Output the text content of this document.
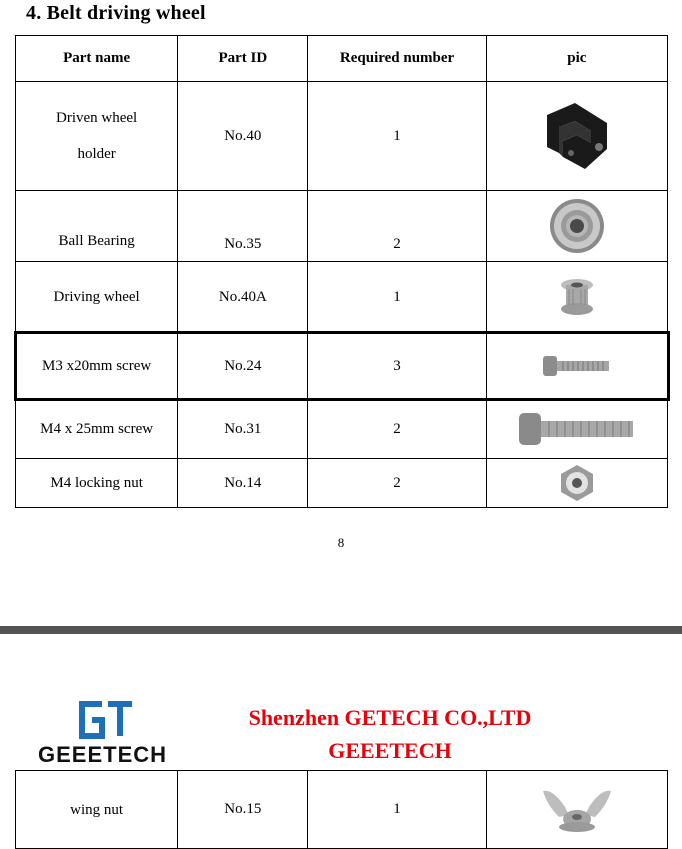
4. Belt driving wheel
Part name	Part ID	Required number	pic
Driven wheel
holder	No.40	1	
Ball Bearing	No.35	2	
Driving wheel	No.40A	1	
M3 x20mm screw	No.24	3	
M4 x 25mm screw	No.31	2	
M4 locking nut	No.14	2	
8
GEEETECH
Shenzhen GETECH CO.,LTD
GEEETECH
wing nut	No.15	1	
